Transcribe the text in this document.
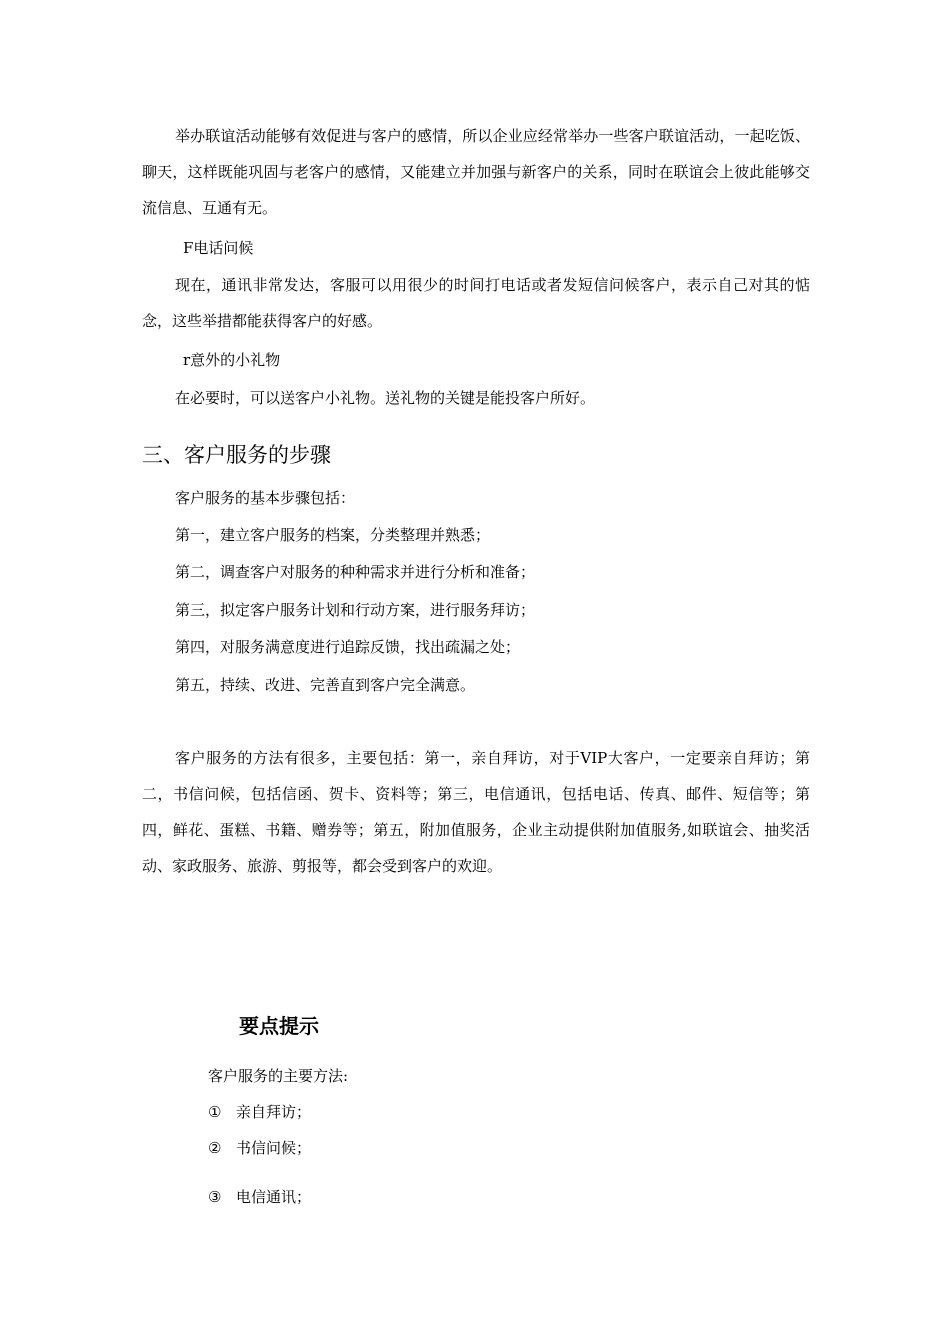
举办联谊活动能够有效促进与客户的感情，所以企业应经常举办一些客户联谊活动，一起吃饭、聊天，这样既能巩固与老客户的感情，又能建立并加强与新客户的关系，同时在联谊会上彼此能够交流信息、互通有无。

F电话问候

现在，通讯非常发达，客服可以用很少的时间打电话或者发短信问候客户，表示自己对其的惦念，这些举措都能获得客户的好感。

r意外的小礼物

在必要时，可以送客户小礼物。送礼物的关键是能投客户所好。

三、客户服务的步骤

客户服务的基本步骤包括：

第一，建立客户服务的档案，分类整理并熟悉；

第二，调查客户对服务的种种需求并进行分析和准备；

第三，拟定客户服务计划和行动方案，进行服务拜访；

第四，对服务满意度进行追踪反馈，找出疏漏之处；

第五，持续、改进、完善直到客户完全满意。

客户服务的方法有很多，主要包括：第一，亲自拜访，对于VIP大客户，一定要亲自拜访；第二，书信问候，包括信函、贺卡、资料等；第三，电信通讯，包括电话、传真、邮件、短信等；第四，鲜花、蛋糕、书籍、赠券等；第五，附加值服务，企业主动提供附加值服务,如联谊会、抽奖活动、家政服务、旅游、剪报等，都会受到客户的欢迎。

要点提示

客户服务的主要方法:

① 亲自拜访；

② 书信问候；

③ 电信通讯；
